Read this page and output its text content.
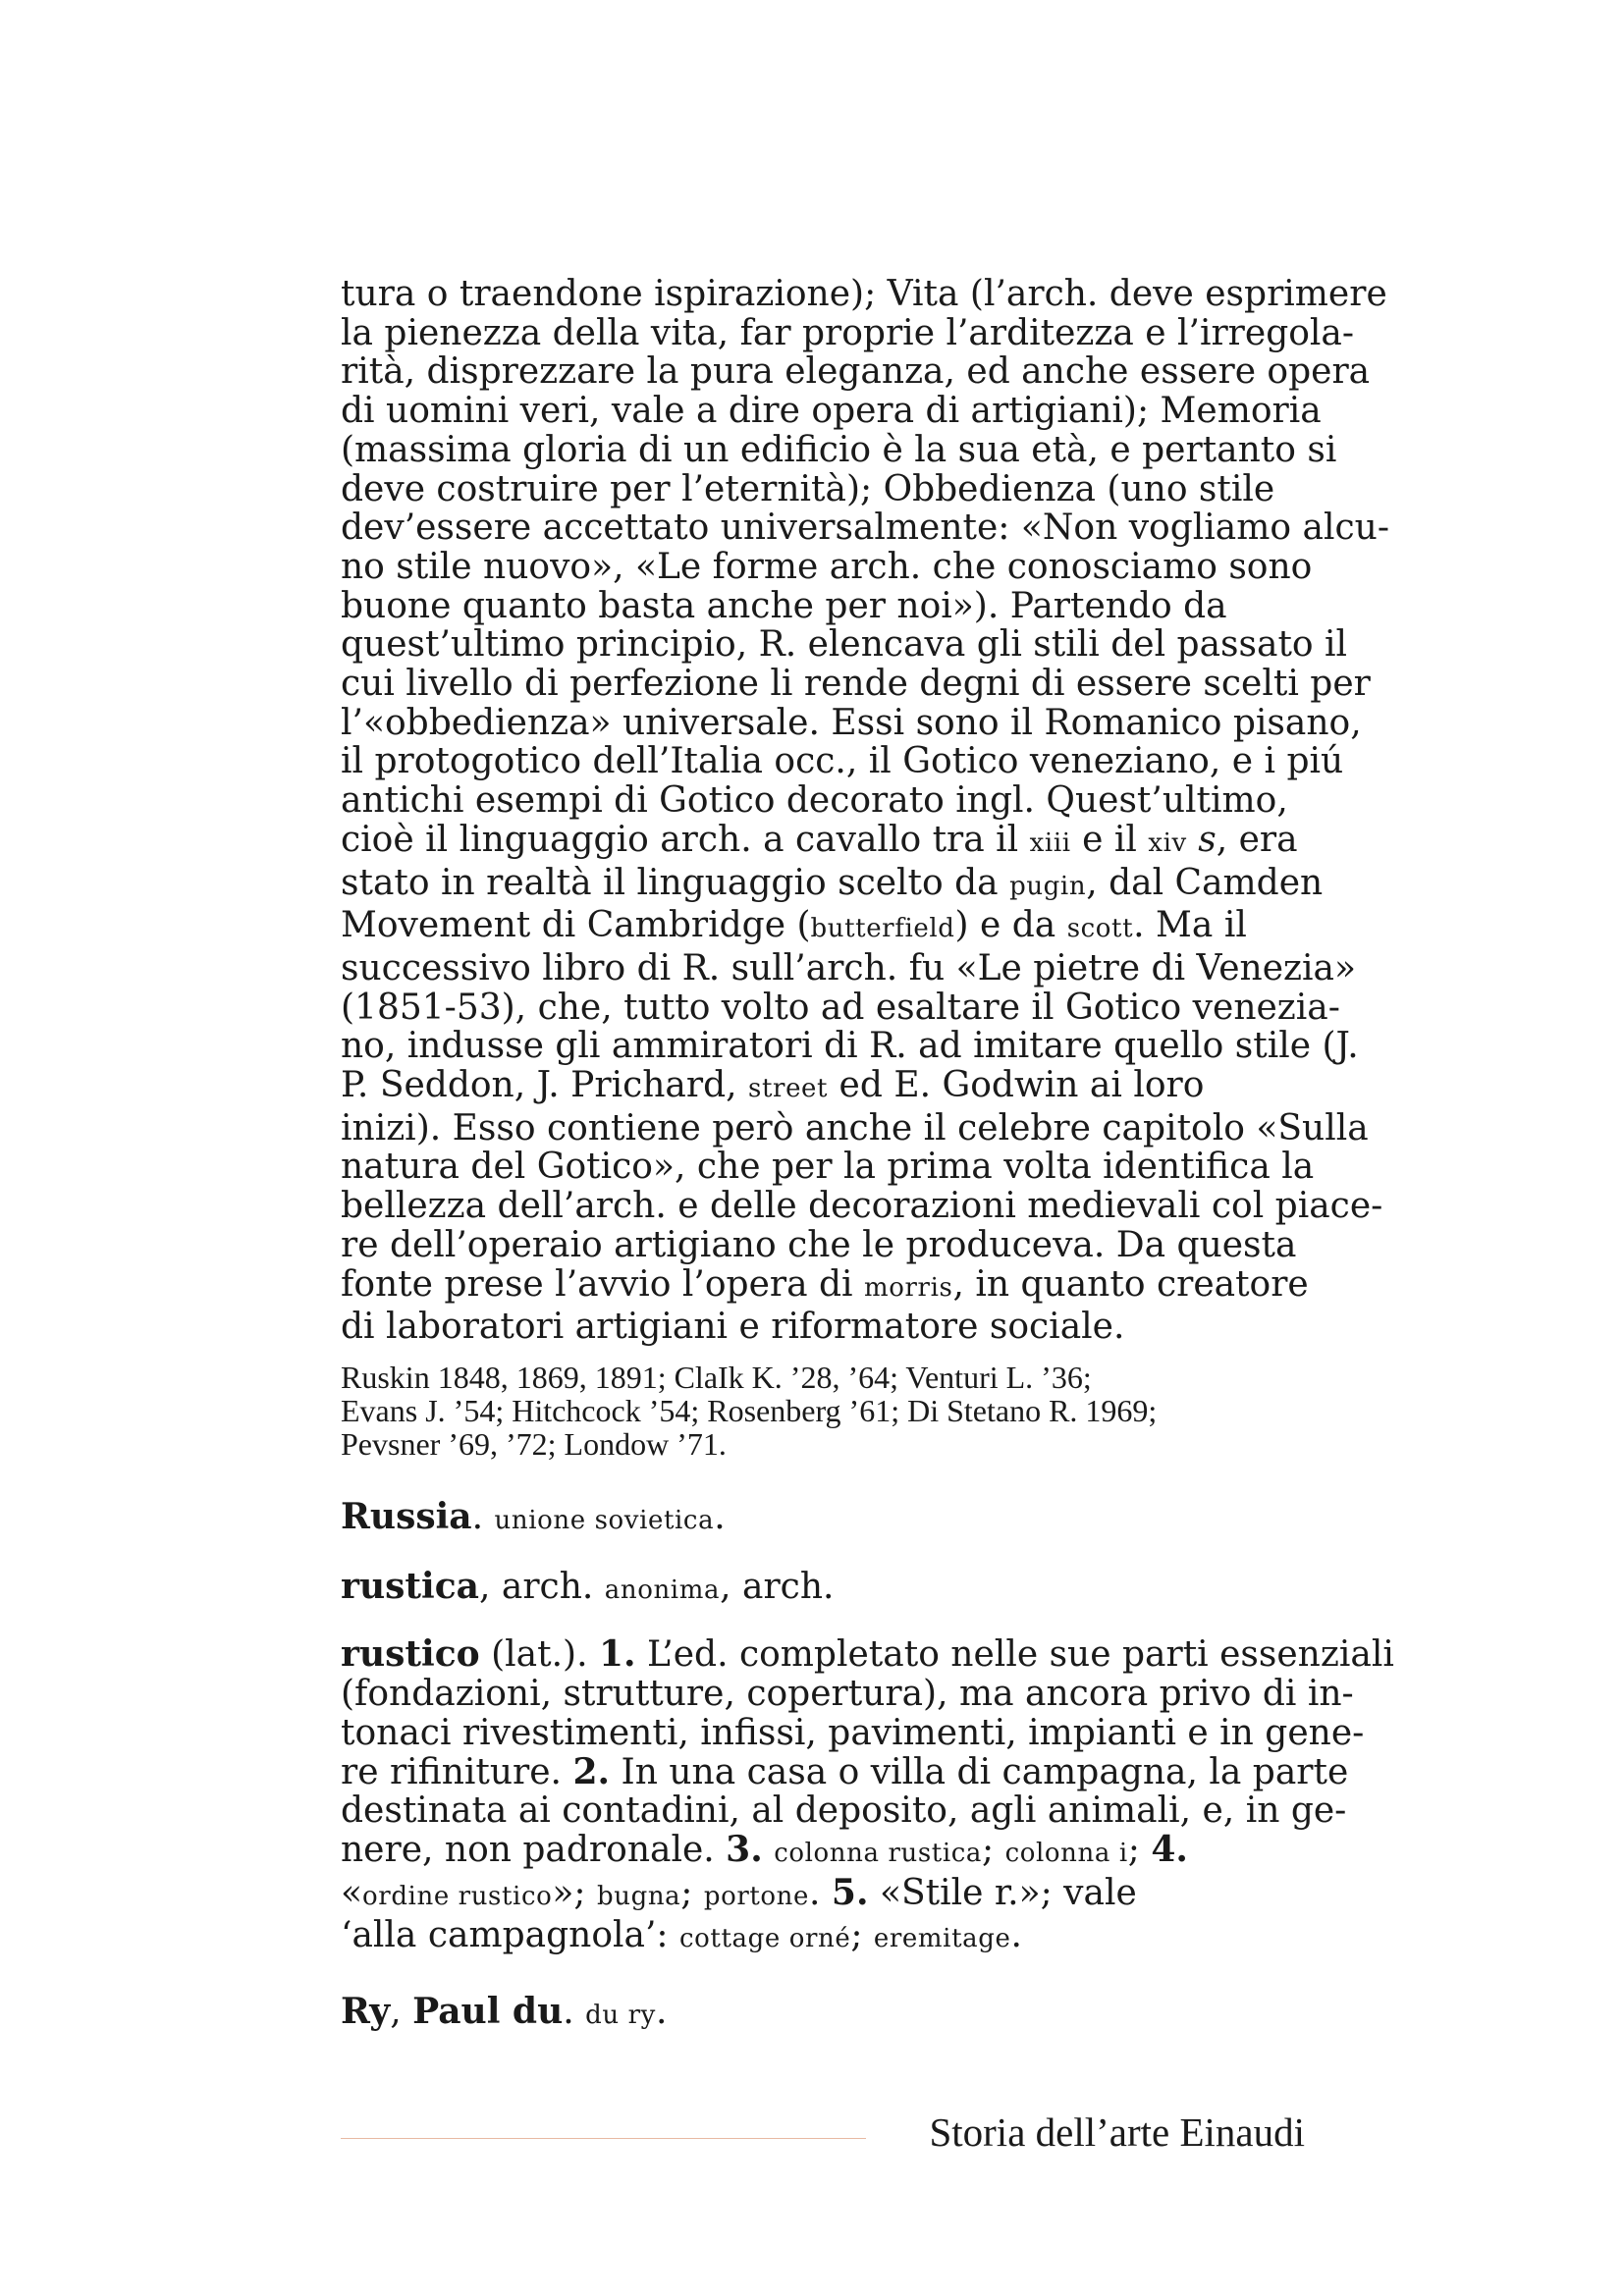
tura o traendone ispirazione); Vita (l’arch. deve esprimere
la pienezza della vita, far proprie l’arditezza e l’irregola-
rità, disprezzare la pura eleganza, ed anche essere opera
di uomini veri, vale a dire opera di artigiani); Memoria
(massima gloria di un edificio è la sua età, e pertanto si
deve costruire per l’eternità); Obbedienza (uno stile
dev’essere accettato universalmente: «Non vogliamo alcu-
no stile nuovo», «Le forme arch. che conosciamo sono
buone quanto basta anche per noi»). Partendo da
quest’ultimo principio, R. elencava gli stili del passato il
cui livello di perfezione li rende degni di essere scelti per
l’«obbedienza» universale. Essi sono il Romanico pisano,
il protogotico dell’Italia occ., il Gotico veneziano, e i piú
antichi esempi di Gotico decorato ingl. Quest’ultimo,
cioè il linguaggio arch. a cavallo tra il xiii e il xiv s, era
stato in realtà il linguaggio scelto da pugin, dal Camden
Movement di Cambridge (butterfield) e da scott. Ma il
successivo libro di R. sull’arch. fu «Le pietre di Venezia»
(1851-53), che, tutto volto ad esaltare il Gotico venezia-
no, indusse gli ammiratori di R. ad imitare quello stile (J.
P. Seddon, J. Prichard, street ed E. Godwin ai loro
inizi). Esso contiene però anche il celebre capitolo «Sulla
natura del Gotico», che per la prima volta identifica la
bellezza dell’arch. e delle decorazioni medievali col piace-
re dell’operaio artigiano che le produceva. Da questa
fonte prese l’avvio l’opera di morris, in quanto creatore
di laboratori artigiani e riformatore sociale.

Ruskin 1848, 1869, 1891; ClaIk K. ’28, ’64; Venturi L. ’36;
Evans J. ’54; Hitchcock ’54; Rosenberg ’61; Di Stetano R. 1969;
Pevsner ’69, ’72; Londow ’71.

Russia. unione sovietica.

rustica, arch. anonima, arch.

rustico (lat.). 1. L’ed. completato nelle sue parti essenziali
(fondazioni, strutture, copertura), ma ancora privo di in-
tonaci rivestimenti, infissi, pavimenti, impianti e in gene-
re rifiniture. 2. In una casa o villa di campagna, la parte
destinata ai contadini, al deposito, agli animali, e, in ge-
nere, non padronale. 3. colonna rustica; colonna i; 4.
«ordine rustico»; bugna; portone. 5. «Stile r.»; vale
‘alla campagnola’: cottage orné; eremitage.

Ry, Paul du. du ry.

Storia dell’arte Einaudi
